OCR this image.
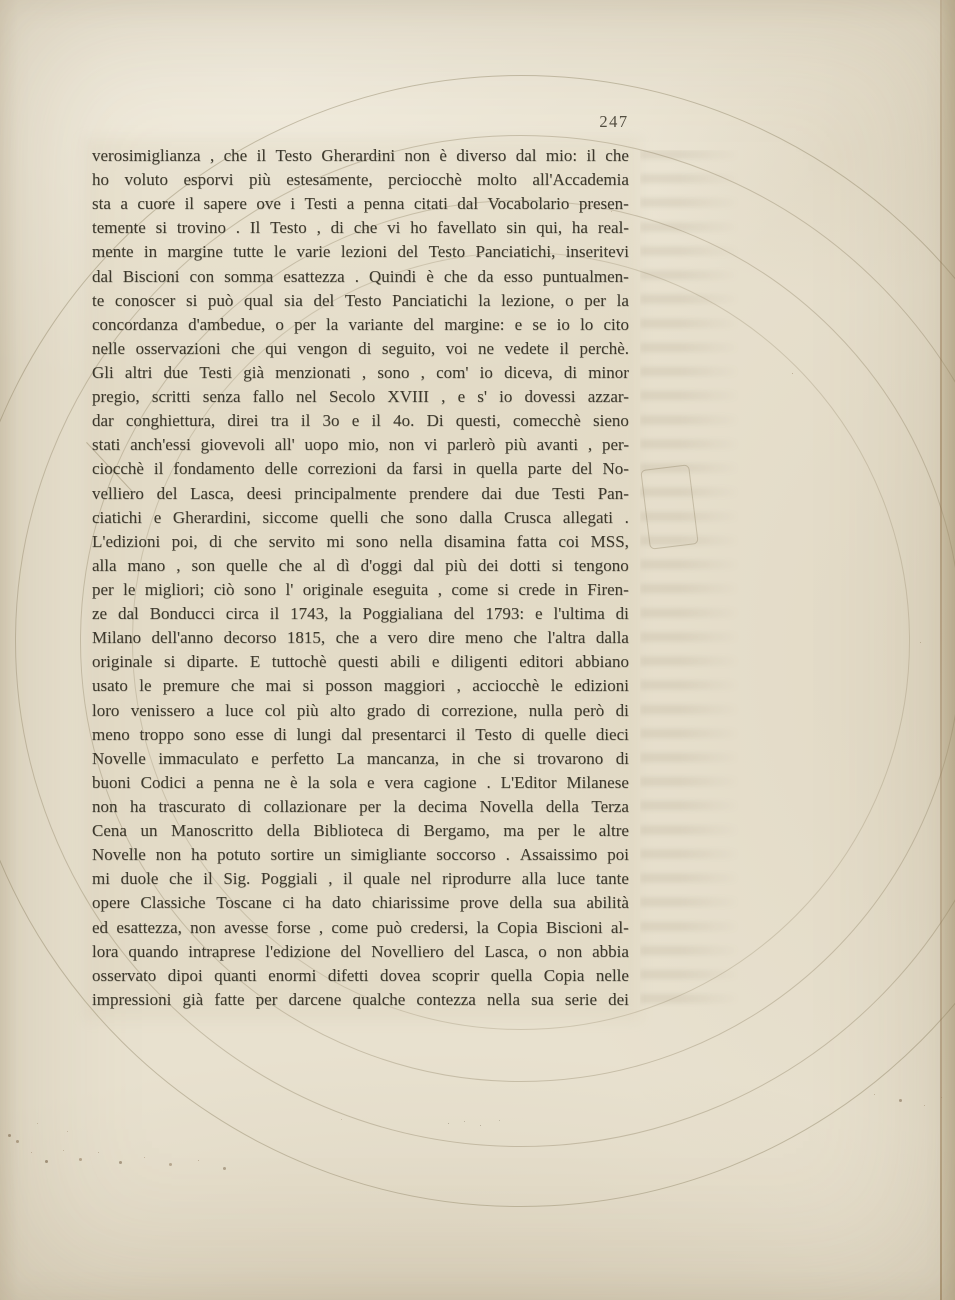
247
verosimiglianza , che il Testo Gherardini non è diverso dal mio: il che
ho voluto esporvi più estesamente, perciocchè molto all'Accademia
sta a cuore il sapere ove i Testi a penna citati dal Vocabolario presen-
temente si trovino . Il Testo , di che vi ho favellato sin qui, ha real-
mente in margine tutte le varie lezioni del Testo Panciatichi, inseritevi
dal Biscioni con somma esattezza . Quindi è che da esso puntualmen-
te conoscer si può qual sia del Testo Panciatichi la lezione, o per la
concordanza d'ambedue, o per la variante del margine: e se io lo cito
nelle osservazioni che qui vengon di seguito, voi ne vedete il perchè.
Gli altri due Testi già menzionati , sono , com' io diceva, di minor
pregio, scritti senza fallo nel Secolo XVIII , e s' io dovessi azzar-
dar conghiettura, direi tra il 3o e il 4o. Di questi, comecchè sieno
stati anch'essi giovevoli all' uopo mio, non vi parlerò più avanti , per-
ciocchè il fondamento delle correzioni da farsi in quella parte del No-
velliero del Lasca, deesi principalmente prendere dai due Testi Pan-
ciatichi e Gherardini, siccome quelli che sono dalla Crusca allegati .
L'edizioni poi, di che servito mi sono nella disamina fatta coi MSS,
alla mano , son quelle che al dì d'oggi dal più dei dotti si tengono
per le migliori; ciò sono l' originale eseguita , come si crede in Firen-
ze dal Bonducci circa il 1743, la Poggialiana del 1793: e l'ultima di
Milano dell'anno decorso 1815, che a vero dire meno che l'altra dalla
originale si diparte. E tuttochè questi abili e diligenti editori abbiano
usato le premure che mai si posson maggiori , acciocchè le edizioni
loro venissero a luce col più alto grado di correzione, nulla però di
meno troppo sono esse di lungi dal presentarci il Testo di quelle dieci
Novelle immaculato e perfetto La mancanza, in che si trovarono di
buoni Codici a penna ne è la sola e vera cagione . L'Editor Milanese
non ha trascurato di collazionare per la decima Novella della Terza
Cena un Manoscritto della Biblioteca di Bergamo, ma per le altre
Novelle non ha potuto sortire un simigliante soccorso . Assaissimo poi
mi duole che il Sig. Poggiali , il quale nel riprodurre alla luce tante
opere Classiche Toscane ci ha dato chiarissime prove della sua abilità
ed esattezza, non avesse forse , come può credersi, la Copia Biscioni al-
lora quando intraprese l'edizione del Novelliero del Lasca, o non abbia
osservato dipoi quanti enormi difetti dovea scoprir quella Copia nelle
impressioni già fatte per darcene qualche contezza nella sua serie dei
